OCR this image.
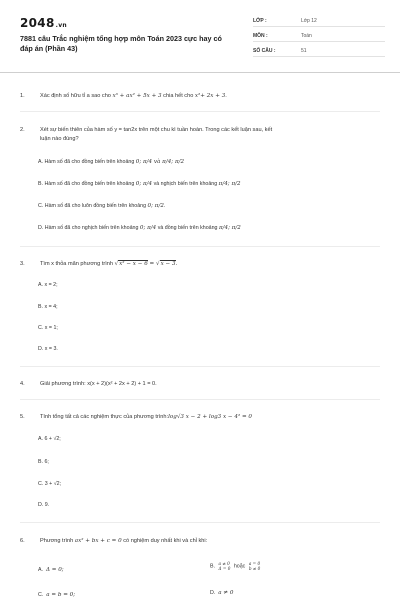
2048.vn
7881 câu Trắc nghiệm tổng hợp môn Toán 2023 cực hay có đáp án (Phần 43)
LỚP :	Lớp 12
MÔN :	Toán
SỐ CÂU :	51
1.	Xác định số hữu tỉ a sao cho x³ + ax² + 5x + 3 chia hết cho x²+ 2x + 3.
2.	Xét sự biến thiên của hàm số y = tan2x trên một chu kì tuần hoàn. Trong các kết luận sau, kết
luận nào đúng?
A. Hàm số đã cho đồng biến trên khoảng 0; π/4 và π/4; π/2
B. Hàm số đã cho đồng biến trên khoảng 0; π/4 và nghịch biến trên khoảng π/4; π/2
C. Hàm số đã cho luôn đồng biến trên khoảng 0; π/2.
D. Hàm số đã cho nghịch biến trên khoảng 0; π/4 và đồng biến trên khoảng π/4; π/2
3.	Tìm x thỏa mãn phương trình √x² − x − 6 = √x − 3.
A. x = 2;
B. x = 4;
C. x = 1;
D. x = 3.
4.	Giải phương trình: x(x + 2)(x² + 2x + 2) + 1 = 0.
5.	Tính tổng tất cả các nghiệm thực của phương trình:log√3 x − 2 + log3 x − 4² = 0
A. 6 + √2;
B. 6;
C. 3 + √2;
D. 9.
6.	Phương trình ax² + bx + c = 0 có nghiệm duy nhất khi và chỉ khi:
A. Δ = 0;
B. a ≠ 0
Δ = 0 hoặc a = 0
b ≠ 0
C. a = b = 0;	D. a ≠ 0
